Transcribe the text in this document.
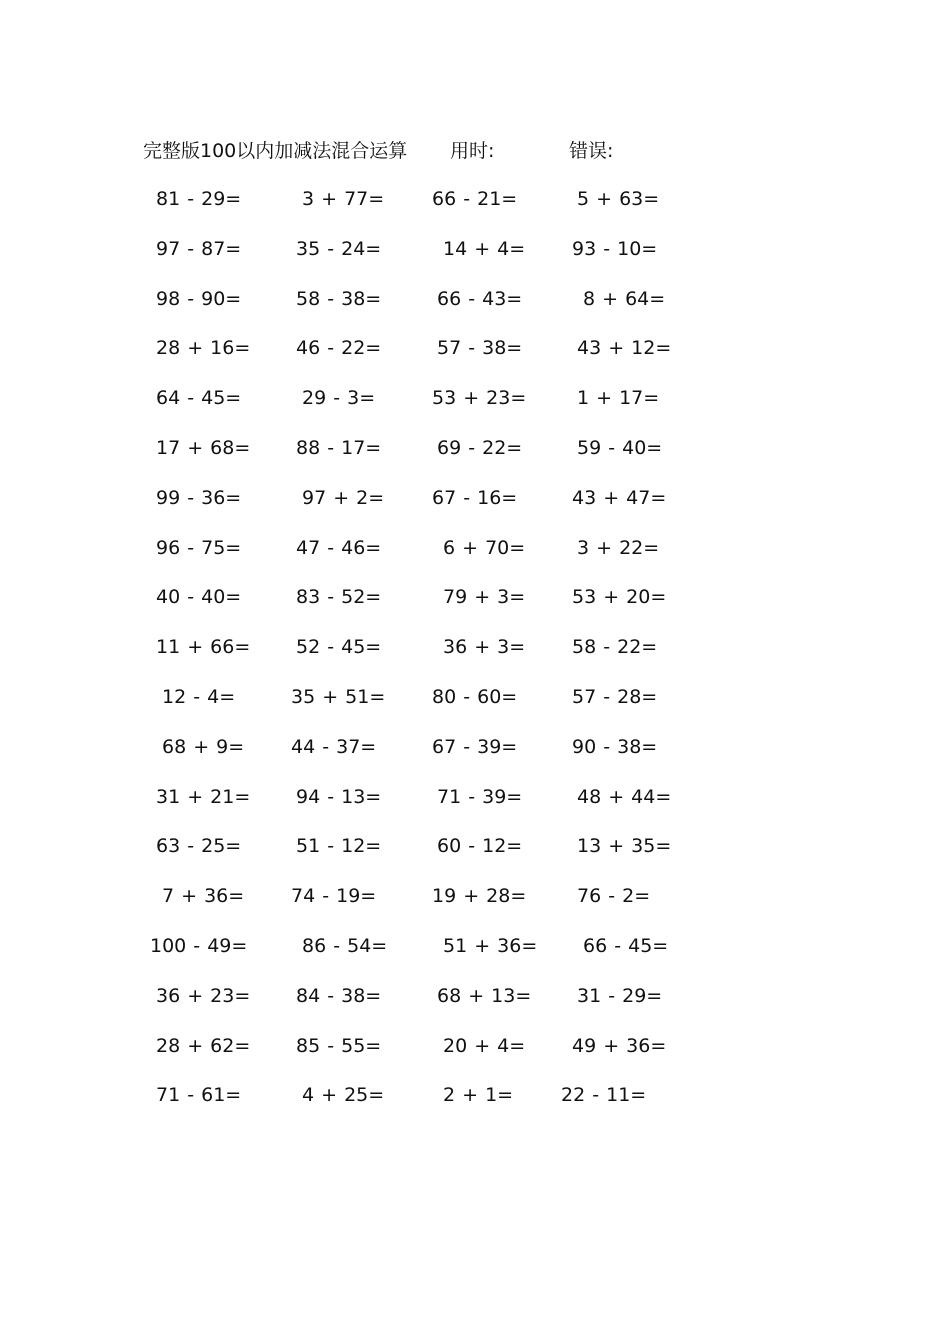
完整版100以内加减法混合运算 用时:	错误:
81 - 29=	3 + 77=	66 - 21=	5 + 63=
97 - 87=	35 - 24=	14 + 4=	93 - 10=
98 - 90=	58 - 38=	66 - 43=	8 + 64=
28 + 16=	46 - 22=	57 - 38=	43 + 12=
64 - 45=	29 - 3=	53 + 23=	1 + 17=
17 + 68=	88 - 17=	69 - 22=	59 - 40=
99 - 36=	97 + 2=	67 - 16=	43 + 47=
96 - 75=	47 - 46=	6 + 70=	3 + 22=
40 - 40=	83 - 52=	79 + 3=	53 + 20=
11 + 66=	52 - 45=	36 + 3=	58 - 22=
12 - 4=	35 + 51=	80 - 60=	57 - 28=
68 + 9=	44 - 37=	67 - 39=	90 - 38=
31 + 21=	94 - 13=	71 - 39=	48 + 44=
63 - 25=	51 - 12=	60 - 12=	13 + 35=
7 + 36=	74 - 19=	19 + 28=	76 - 2=
100 - 49=	86 - 54=	51 + 36=	66 - 45=
36 + 23=	84 - 38=	68 + 13=	31 - 29=
28 + 62=	85 - 55=	20 + 4=	49 + 36=
71 - 61=	4 + 25=	2 + 1=	22 - 11=
